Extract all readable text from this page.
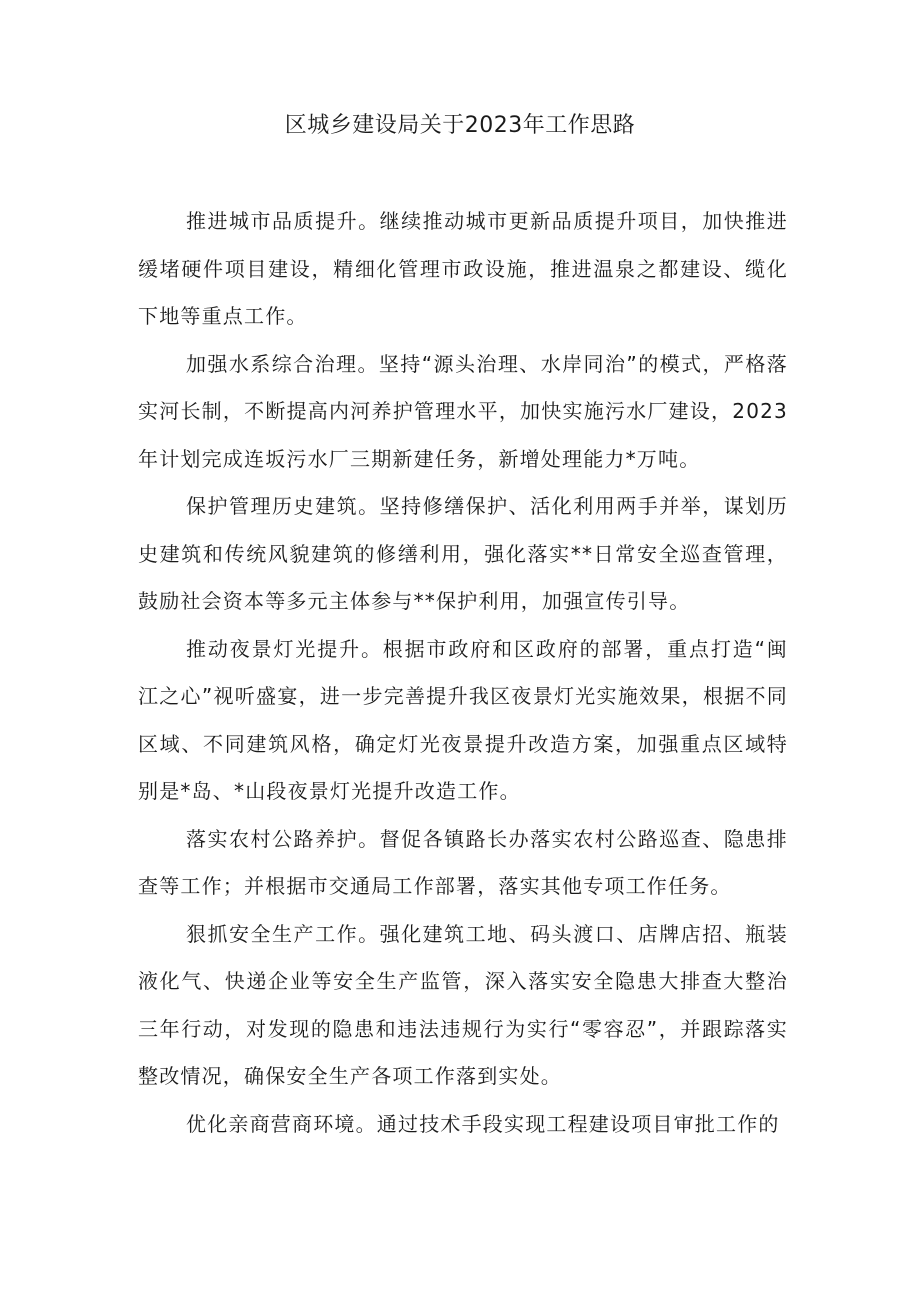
区城乡建设局关于2023年工作思路

推进城市品质提升。继续推动城市更新品质提升项目，加快推进缓堵硬件项目建设，精细化管理市政设施，推进温泉之都建设、缆化下地等重点工作。

加强水系综合治理。坚持“源头治理、水岸同治”的模式，严格落实河长制，不断提高内河养护管理水平，加快实施污水厂建设，2023年计划完成连坂污水厂三期新建任务，新增处理能力*万吨。

保护管理历史建筑。坚持修缮保护、活化利用两手并举，谋划历史建筑和传统风貌建筑的修缮利用，强化落实**日常安全巡查管理，鼓励社会资本等多元主体参与**保护利用，加强宣传引导。

推动夜景灯光提升。根据市政府和区政府的部署，重点打造“闽江之心”视听盛宴，进一步完善提升我区夜景灯光实施效果，根据不同区域、不同建筑风格，确定灯光夜景提升改造方案，加强重点区域特别是*岛、*山段夜景灯光提升改造工作。

落实农村公路养护。督促各镇路长办落实农村公路巡查、隐患排查等工作；并根据市交通局工作部署，落实其他专项工作任务。

狠抓安全生产工作。强化建筑工地、码头渡口、店牌店招、瓶装液化气、快递企业等安全生产监管，深入落实安全隐患大排查大整治三年行动，对发现的隐患和违法违规行为实行“零容忍”，并跟踪落实整改情况，确保安全生产各项工作落到实处。

优化亲商营商环境。通过技术手段实现工程建设项目审批工作的
